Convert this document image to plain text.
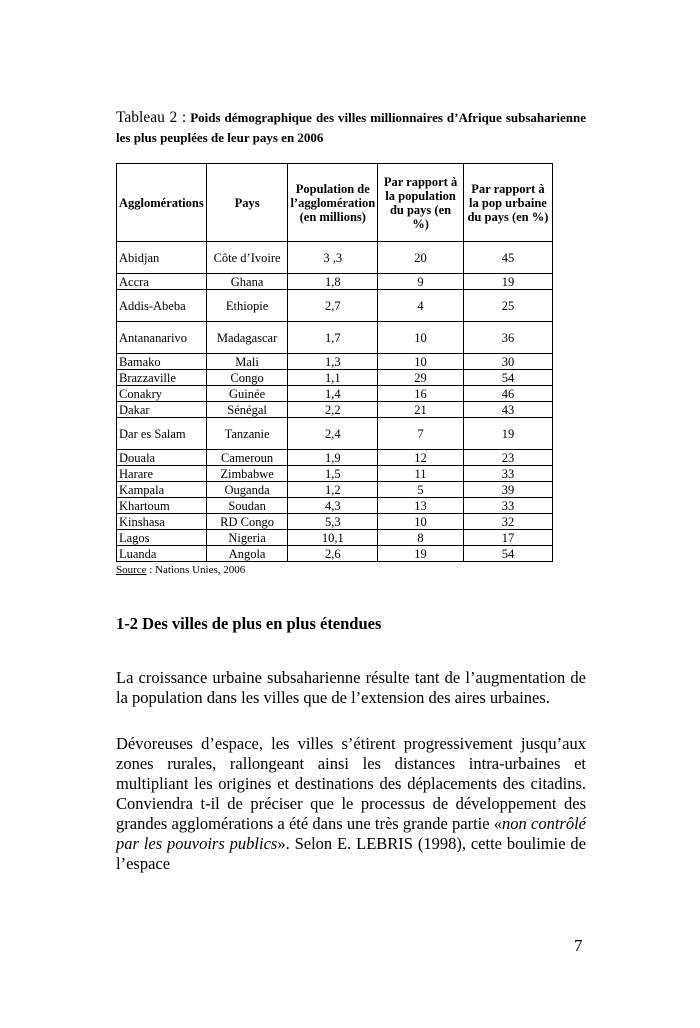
Tableau 2 : Poids démographique des villes millionnaires d’Afrique subsaharienne les plus peuplées de leur pays en 2006

Agglomérations	Pays	Population de l’agglomération (en millions)	Par rapport à la population du pays (en %)	Par rapport à la pop urbaine du pays (en %)
Abidjan	Côte d’Ivoire	3 ,3	20	45
Accra	Ghana	1,8	9	19
Addis-Abeba	Ethiopie	2,7	4	25
Antananarivo	Madagascar	1,7	10	36
Bamako	Mali	1,3	10	30
Brazzaville	Congo	1,1	29	54
Conakry	Guinée	1,4	16	46
Dakar	Sénégal	2,2	21	43
Dar es Salam	Tanzanie	2,4	7	19
Douala	Cameroun	1,9	12	23
Harare	Zimbabwe	1,5	11	33
Kampala	Ouganda	1,2	5	39
Khartoum	Soudan	4,3	13	33
Kinshasa	RD Congo	5,3	10	32
Lagos	Nigeria	10,1	8	17
Luanda	Angola	2,6	19	54
Source : Nations Unies, 2006
1-2 Des villes de plus en plus étendues

La croissance urbaine subsaharienne résulte tant de l’augmentation de la population dans les villes que de l’extension des aires urbaines.

Dévoreuses d’espace, les villes s’étirent progressivement jusqu’aux zones rurales, rallongeant ainsi les distances intra-urbaines et multipliant les origines et destinations des déplacements des citadins. Conviendra t-il de préciser que le processus de développement des grandes agglomérations a été dans une très grande partie «non contrôlé par les pouvoirs publics». Selon E. LEBRIS (1998), cette boulimie de l’espace

7
